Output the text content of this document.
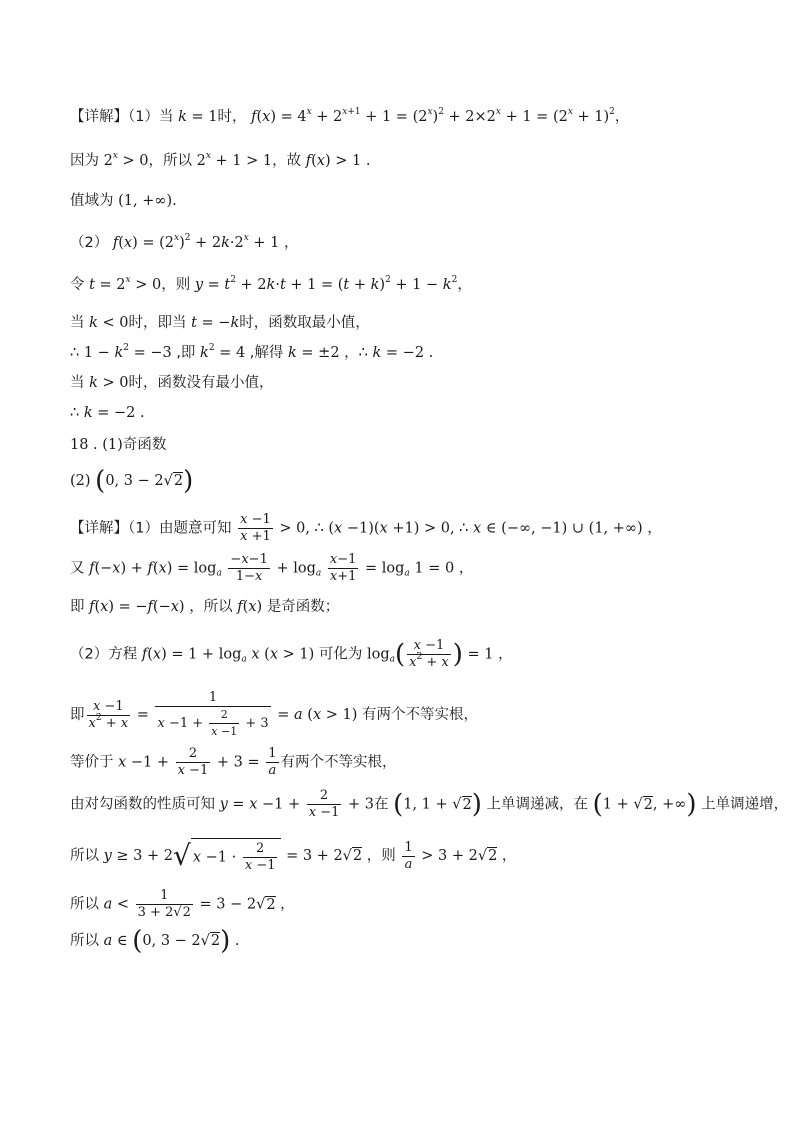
【详解】（1）当 k = 1时， $f(x) = 4^x + 2^{x+1} + 1 = (2^x)^2 + 2\times 2^x + 1 = (2^x + 1)^2$，
因为 $2^x > 0$，所以 $2^x + 1 > 1$，故 f(x) > 1 .
值域为 (1, +∞).
（2） $f(x) = (2^x)^2 + 2k\cdot 2^x + 1$ ，
令 $t = 2^x > 0$，则 $y = t^2 + 2k\cdot t + 1 = (t + k)^2 + 1 - k^2$，
当 k < 0时，即当 t = −k时，函数取最小值，
∴ $1 - k^2 = -3$ ,即 $k^2 = 4$ ,解得 k = ±2 ，∴ k = −2 .
当 k > 0时，函数没有最小值，
∴ k = −2 .
18 . (1)奇函数
(2) (0, 3 − 2√2)
【详解】（1）由题意可知 $\frac{x -1}{x +1} > 0$, ∴ (x −1)(x +1) > 0, ∴ x ∈ (−∞, −1) ∪ (1, +∞) ，
又 $f(-x) + f(x) = \log_a \frac{-x-1}{1-x} + \log_a \frac{x-1}{x+1} = \log_a 1 = 0$ ，
即 f(x) = −f(−x) ，所以 f(x) 是奇函数；
（2）方程 $f(x) = 1 + \log_a x$ (x > 1) 可化为 $\log_a( \frac{x -1}{x^2 + x}$ ) = 1 ，
即 $\frac{x -1}{x^2 + x} = \frac{1}{x -1 + \frac{2}{x -1} + 3} = a$ (x > 1) 有两个不等实根，
等价于 $x -1 + \frac{2}{x -1} + 3 = \frac{1}{a}$ 有两个不等实根，
由对勾函数的性质可知 $y = x -1 + \frac{2}{x -1} + 3$在 (1, 1 + √2) 上单调递减，在 (1 + √2, +∞) 上单调递增，
所以 y ≥ 3 + 2√ $x -1 \cdot \frac{2}{x -1} = 3 + 2√2$ ，则 $\frac{1}{a} > 3 + 2√2$ ，
所以 $a < \frac{1}{3 + 2√2} = 3 - 2√2$ ，
所以 a ∈ (0, 3 − 2√2) .
